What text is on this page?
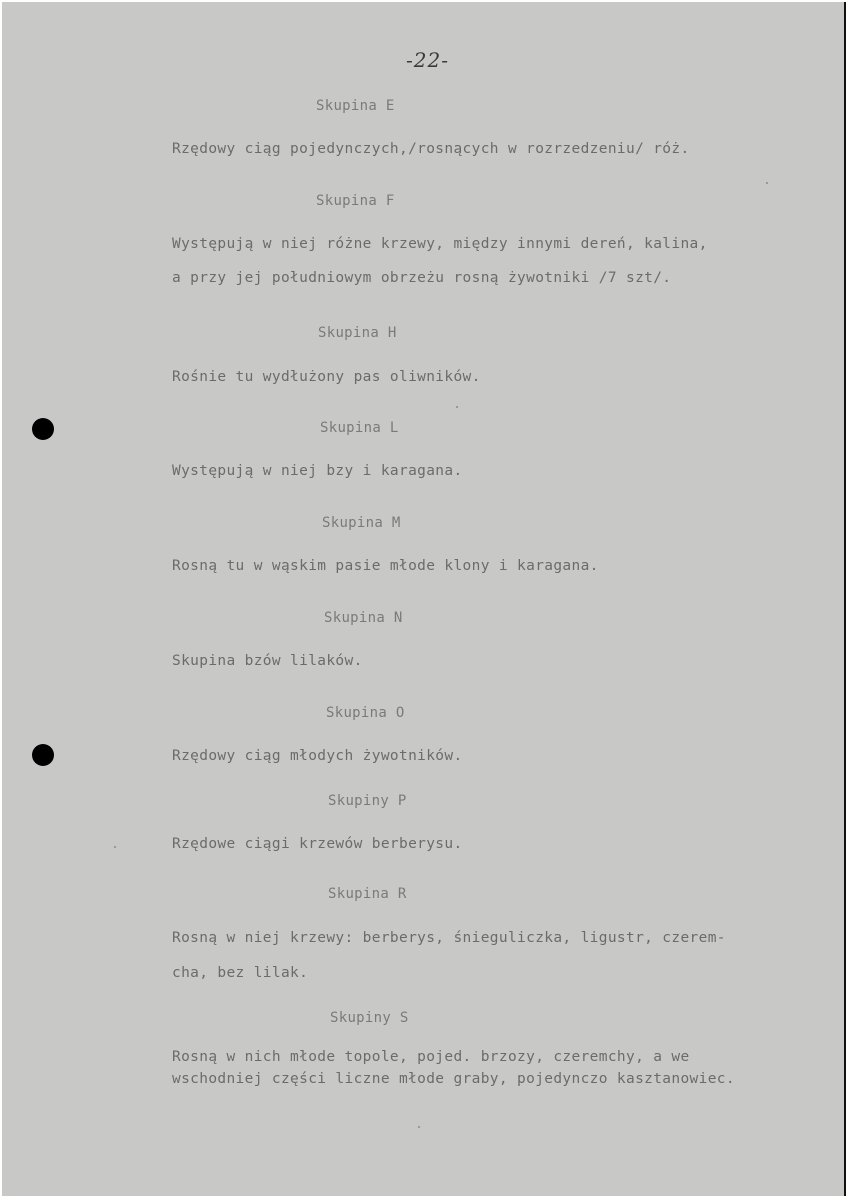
-22-
Skupina E
Rzędowy ciąg pojedynczych,/rosnących w rozrzedzeniu/ róż.
Skupina F
Występują w niej różne krzewy, między innymi dereń, kalina,
a przy jej południowym obrzeżu rosną żywotniki /7 szt/.
Skupina H
Rośnie tu wydłużony pas oliwników.
Skupina L
Występują w niej bzy i karagana.
Skupina M
Rosną tu w wąskim pasie młode klony i karagana.
Skupina N
Skupina bzów lilaków.
Skupina O
Rzędowy ciąg młodych żywotników.
Skupiny P
Rzędowe ciągi krzewów berberysu.
Skupina R
Rosną w niej krzewy: berberys, śnieguliczka, ligustr, czerem-
cha, bez lilak.
Skupiny S
Rosną w nich młode topole, pojed. brzozy, czeremchy, a we
wschodniej części liczne młode graby, pojedynczo kasztanowiec.
